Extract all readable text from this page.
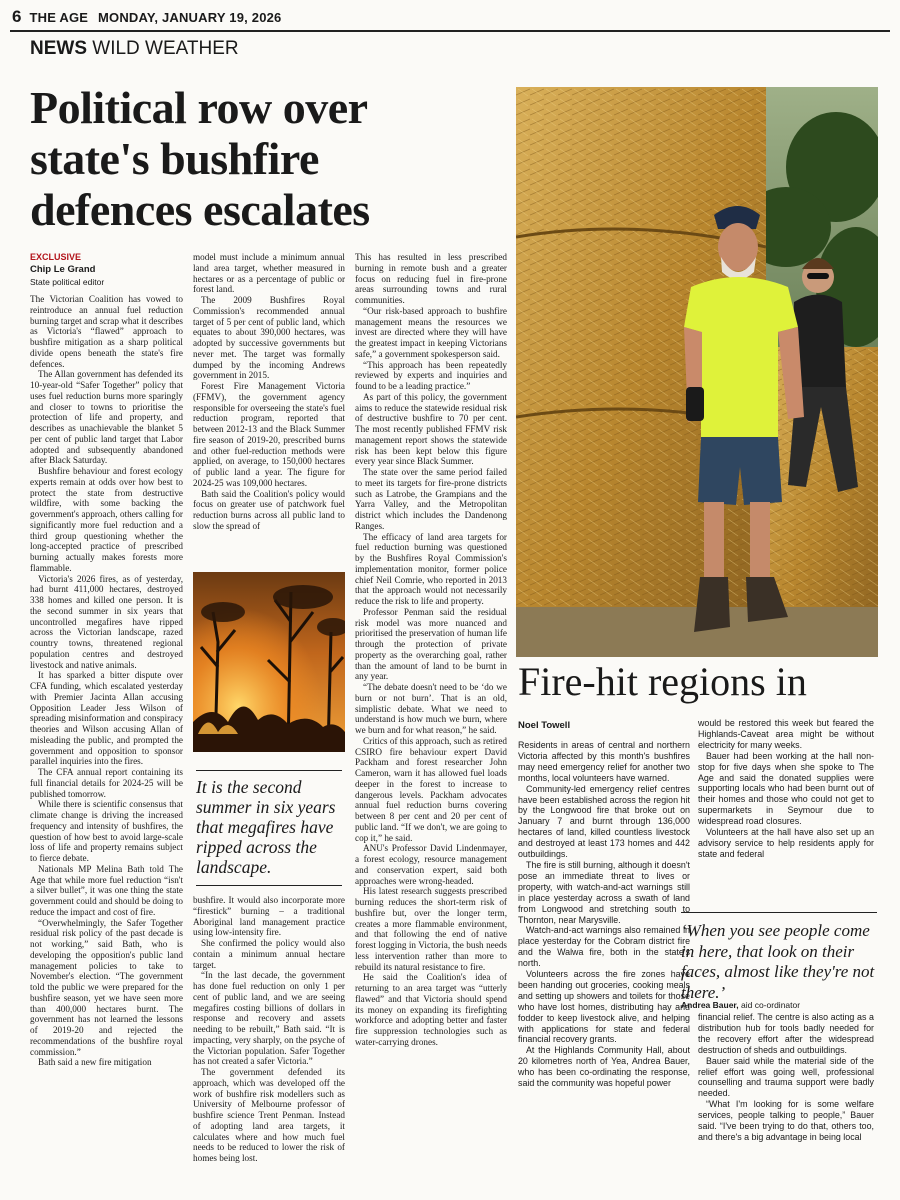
6 THE AGE MONDAY, JANUARY 19, 2026
NEWS WILD WEATHER
Political row over
state's bushfire
defences escalates
EXCLUSIVE
Chip Le Grand
State political editor

The Victorian Coalition has vowed to reintroduce an annual fuel reduction burning target and scrap what it describes as Victoria's “flawed” approach to bushfire mitigation as a sharp political divide opens beneath the state's fire defences.

The Allan government has defended its 10-year-old “Safer Together” policy that uses fuel reduction burns more sparingly and closer to towns to prioritise the protection of life and property, and describes as unachievable the blanket 5 per cent of public land target that Labor adopted and subsequently abandoned after Black Saturday.

Bushfire behaviour and forest ecology experts remain at odds over how best to protect the state from destructive wildfire, with some backing the government's approach, others calling for significantly more fuel reduction and a third group questioning whether the long-accepted practice of prescribed burning actually makes forests more flammable.

Victoria's 2026 fires, as of yesterday, had burnt 411,000 hectares, destroyed 338 homes and killed one person. It is the second summer in six years that uncontrolled megafires have ripped across the Victorian landscape, razed country towns, threatened regional population centres and destroyed livestock and native animals.

It has sparked a bitter dispute over CFA funding, which escalated yesterday with Premier Jacinta Allan accusing Opposition Leader Jess Wilson of spreading misinformation and conspiracy theories and Wilson accusing Allan of misleading the public, and prompted the government and opposition to sponsor parallel inquiries into the fires.

The CFA annual report containing its full financial details for 2024-25 will be published tomorrow.

While there is scientific consensus that climate change is driving the increased frequency and intensity of bushfires, the question of how best to avoid large-scale loss of life and property remains subject to fierce debate.

Nationals MP Melina Bath told The Age that while more fuel reduction “isn't a silver bullet”, it was one thing the state government could and should be doing to reduce the impact and cost of fire.

“Overwhelmingly, the Safer Together residual risk policy of the past decade is not working,” said Bath, who is developing the opposition's public land management policies to take to November's election. “The government told the public we were prepared for the bushfire season, yet we have seen more than 400,000 hectares burnt. The government has not learned the lessons of 2019-20 and rejected the recommendations of the bushfire royal commission.”

Bath said a new fire mitigation

model must include a minimum annual land area target, whether measured in hectares or as a percentage of public or forest land.

The 2009 Bushfires Royal Commission's recommended annual target of 5 per cent of public land, which equates to about 390,000 hectares, was adopted by successive governments but never met. The target was formally dumped by the incoming Andrews government in 2015.

Forest Fire Management Victoria (FFMV), the government agency responsible for overseeing the state's fuel reduction program, reported that between 2012-13 and the Black Summer fire season of 2019-20, prescribed burns and other fuel-reduction methods were applied, on average, to 150,000 hectares of public land a year. The figure for 2024-25 was 109,000 hectares.

Bath said the Coalition's policy would focus on greater use of patchwork fuel reduction burns across all public land to slow the spread of

It is the second summer in six years that megafires have ripped across the landscape.

bushfire. It would also incorporate more “firestick” burning – a traditional Aboriginal land management practice using low-intensity fire.

She confirmed the policy would also contain a minimum annual hectare target.

“In the last decade, the government has done fuel reduction on only 1 per cent of public land, and we are seeing megafires costing billions of dollars in response and recovery and assets needing to be rebuilt,” Bath said. “It is impacting, very sharply, on the psyche of the Victorian population. Safer Together has not created a safer Victoria.”

The government defended its approach, which was developed off the work of bushfire risk modellers such as University of Melbourne professor of bushfire science Trent Penman. Instead of adopting land area targets, it calculates where and how much fuel needs to be reduced to lower the risk of homes being lost.

This has resulted in less prescribed burning in remote bush and a greater focus on reducing fuel in fire-prone areas surrounding towns and rural communities.

“Our risk-based approach to bushfire management means the resources we invest are directed where they will have the greatest impact in keeping Victorians safe,” a government spokesperson said.

“This approach has been repeatedly reviewed by experts and inquiries and found to be a leading practice.”

As part of this policy, the government aims to reduce the statewide residual risk of destructive bushfire to 70 per cent. The most recently published FFMV risk management report shows the statewide risk has been kept below this figure every year since Black Summer.

The state over the same period failed to meet its targets for fire-prone districts such as Latrobe, the Grampians and the Yarra Valley, and the Metropolitan district which includes the Dandenong Ranges.

The efficacy of land area targets for fuel reduction burning was questioned by the Bushfires Royal Commission's implementation monitor, former police chief Neil Comrie, who reported in 2013 that the approach would not necessarily reduce the risk to life and property.

Professor Penman said the residual risk model was more nuanced and prioritised the preservation of human life through the protection of private property as the overarching goal, rather than the amount of land to be burnt in any year.

“The debate doesn't need to be ‘do we burn or not burn’. That is an old, simplistic debate. What we need to understand is how much we burn, where we burn and for what reason,” he said.

Critics of this approach, such as retired CSIRO fire behaviour expert David Packham and forest researcher John Cameron, warn it has allowed fuel loads deeper in the forest to increase to dangerous levels. Packham advocates annual fuel reduction burns covering between 8 per cent and 20 per cent of public land. “If we don't, we are going to cop it,” he said.

ANU's Professor David Lindenmayer, a forest ecology, resource management and conservation expert, said both approaches were wrong-headed.

His latest research suggests prescribed burning reduces the short-term risk of bushfire but, over the longer term, creates a more flammable environment, and that following the end of native forest logging in Victoria, the bush needs less intervention rather than more to rebuild its natural resistance to fire.

He said the Coalition's idea of returning to an area target was “utterly flawed” and that Victoria should spend its money on expanding its firefighting workforce and adopting better and faster fire suppression technologies such as water-carrying drones.

Fire-hit regions in
Noel Towell

Residents in areas of central and northern Victoria affected by this month's bushfires may need emergency relief for another two months, local volunteers have warned.

Community-led emergency relief centres have been established across the region hit by the Longwood fire that broke out on January 7 and burnt through 136,000 hectares of land, killed countless livestock and destroyed at least 173 homes and 442 outbuildings.

The fire is still burning, although it doesn't pose an immediate threat to lives or property, with watch-and-act warnings still in place yesterday across a swath of land from Longwood and stretching south to Thornton, near Marysville.

Watch-and-act warnings also remained in place yesterday for the Cobram district fire and the Walwa fire, both in the state's north.

Volunteers across the fire zones have been handing out groceries, cooking meals and setting up showers and toilets for those who have lost homes, distributing hay and fodder to keep livestock alive, and helping with applications for state and federal financial recovery grants.

At the Highlands Community Hall, about 20 kilometres north of Yea, Andrea Bauer, who has been co-ordinating the response, said the community was hopeful power

would be restored this week but feared the Highlands-Caveat area might be without electricity for many weeks.

Bauer had been working at the hall non-stop for five days when she spoke to The Age and said the donated supplies were supporting locals who had been burnt out of their homes and those who could not get to supermarkets in Seymour due to widespread road closures.

Volunteers at the hall have also set up an advisory service to help residents apply for state and federal

‘When you see people come in here, that look on their faces, almost like they're not there.’
Andrea Bauer, aid co-ordinator

financial relief. The centre is also acting as a distribution hub for tools badly needed for the recovery effort after the widespread destruction of sheds and outbuildings.

Bauer said while the material side of the relief effort was going well, professional counselling and trauma support were badly needed.

“What I'm looking for is some welfare services, people talking to people,” Bauer said. “I've been trying to do that, others too, and there's a big advantage in being local
